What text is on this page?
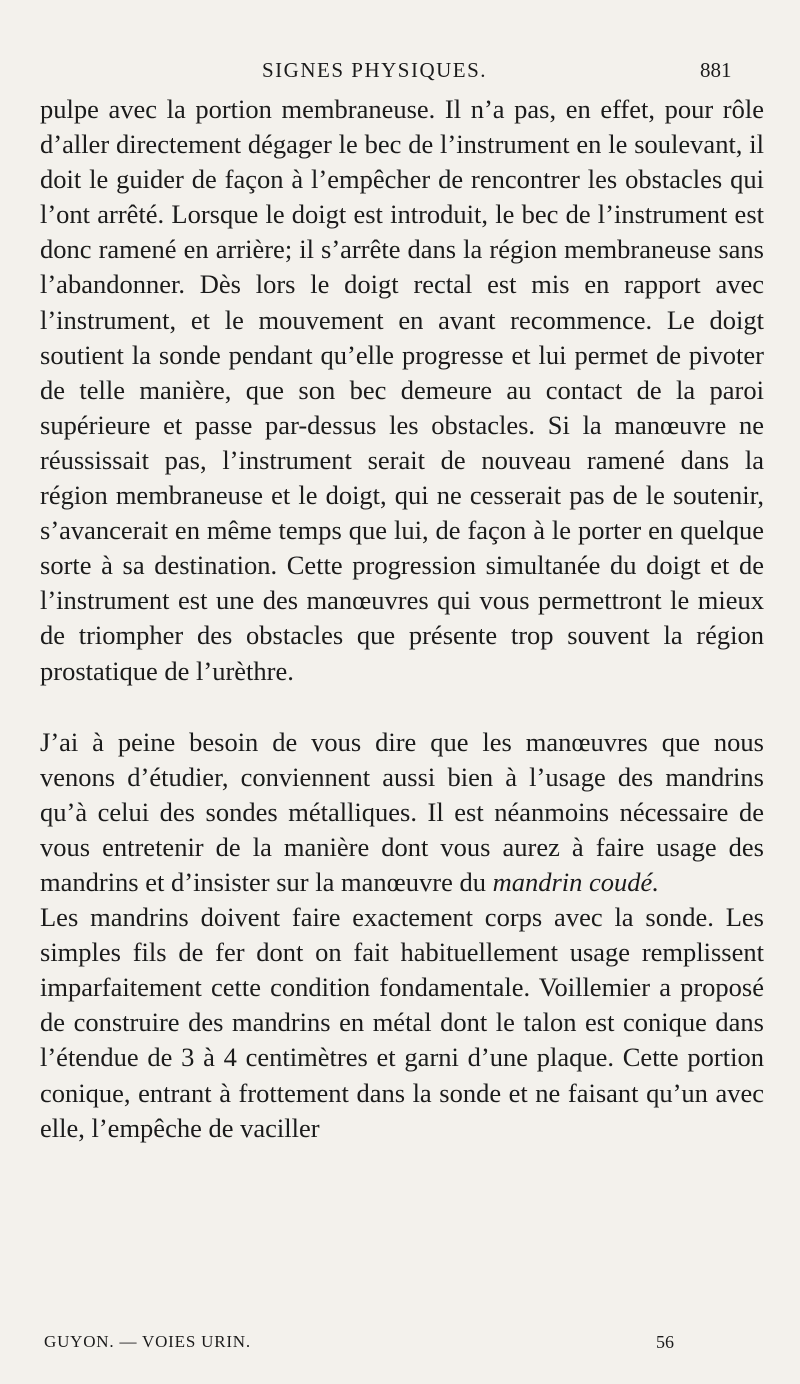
SIGNES PHYSIQUES.	881

pulpe avec la portion membraneuse. Il n’a pas, en effet, pour rôle d’aller directement dégager le bec de l’instrument en le soulevant, il doit le guider de façon à l’empêcher de rencontrer les obstacles qui l’ont arrêté. Lorsque le doigt est introduit, le bec de l’instrument est donc ramené en arrière; il s’arrête dans la région membraneuse sans l’abandonner. Dès lors le doigt rectal est mis en rapport avec l’instrument, et le mouvement en avant recommence. Le doigt soutient la sonde pendant qu’elle progresse et lui permet de pivoter de telle manière, que son bec demeure au contact de la paroi supérieure et passe par-dessus les obstacles. Si la manœuvre ne réussissait pas, l’instrument serait de nouveau ramené dans la région membraneuse et le doigt, qui ne cesserait pas de le soutenir, s’avancerait en même temps que lui, de façon à le porter en quelque sorte à sa destination. Cette progression simultanée du doigt et de l’instrument est une des manœuvres qui vous permettront le mieux de triompher des obstacles que présente trop souvent la région prostatique de l’urèthre.

J’ai à peine besoin de vous dire que les manœuvres que nous venons d’étudier, conviennent aussi bien à l’usage des mandrins qu’à celui des sondes métalliques. Il est néanmoins nécessaire de vous entretenir de la manière dont vous aurez à faire usage des mandrins et d’insister sur la manœuvre du mandrin coudé.

Les mandrins doivent faire exactement corps avec la sonde. Les simples fils de fer dont on fait habituellement usage remplissent imparfaitement cette condition fondamentale. Voillemier a proposé de construire des mandrins en métal dont le talon est conique dans l’étendue de 3 à 4 centimètres et garni d’une plaque. Cette portion conique, entrant à frottement dans la sonde et ne faisant qu’un avec elle, l’empêche de vaciller

GUYON. — VOIES URIN.	56
